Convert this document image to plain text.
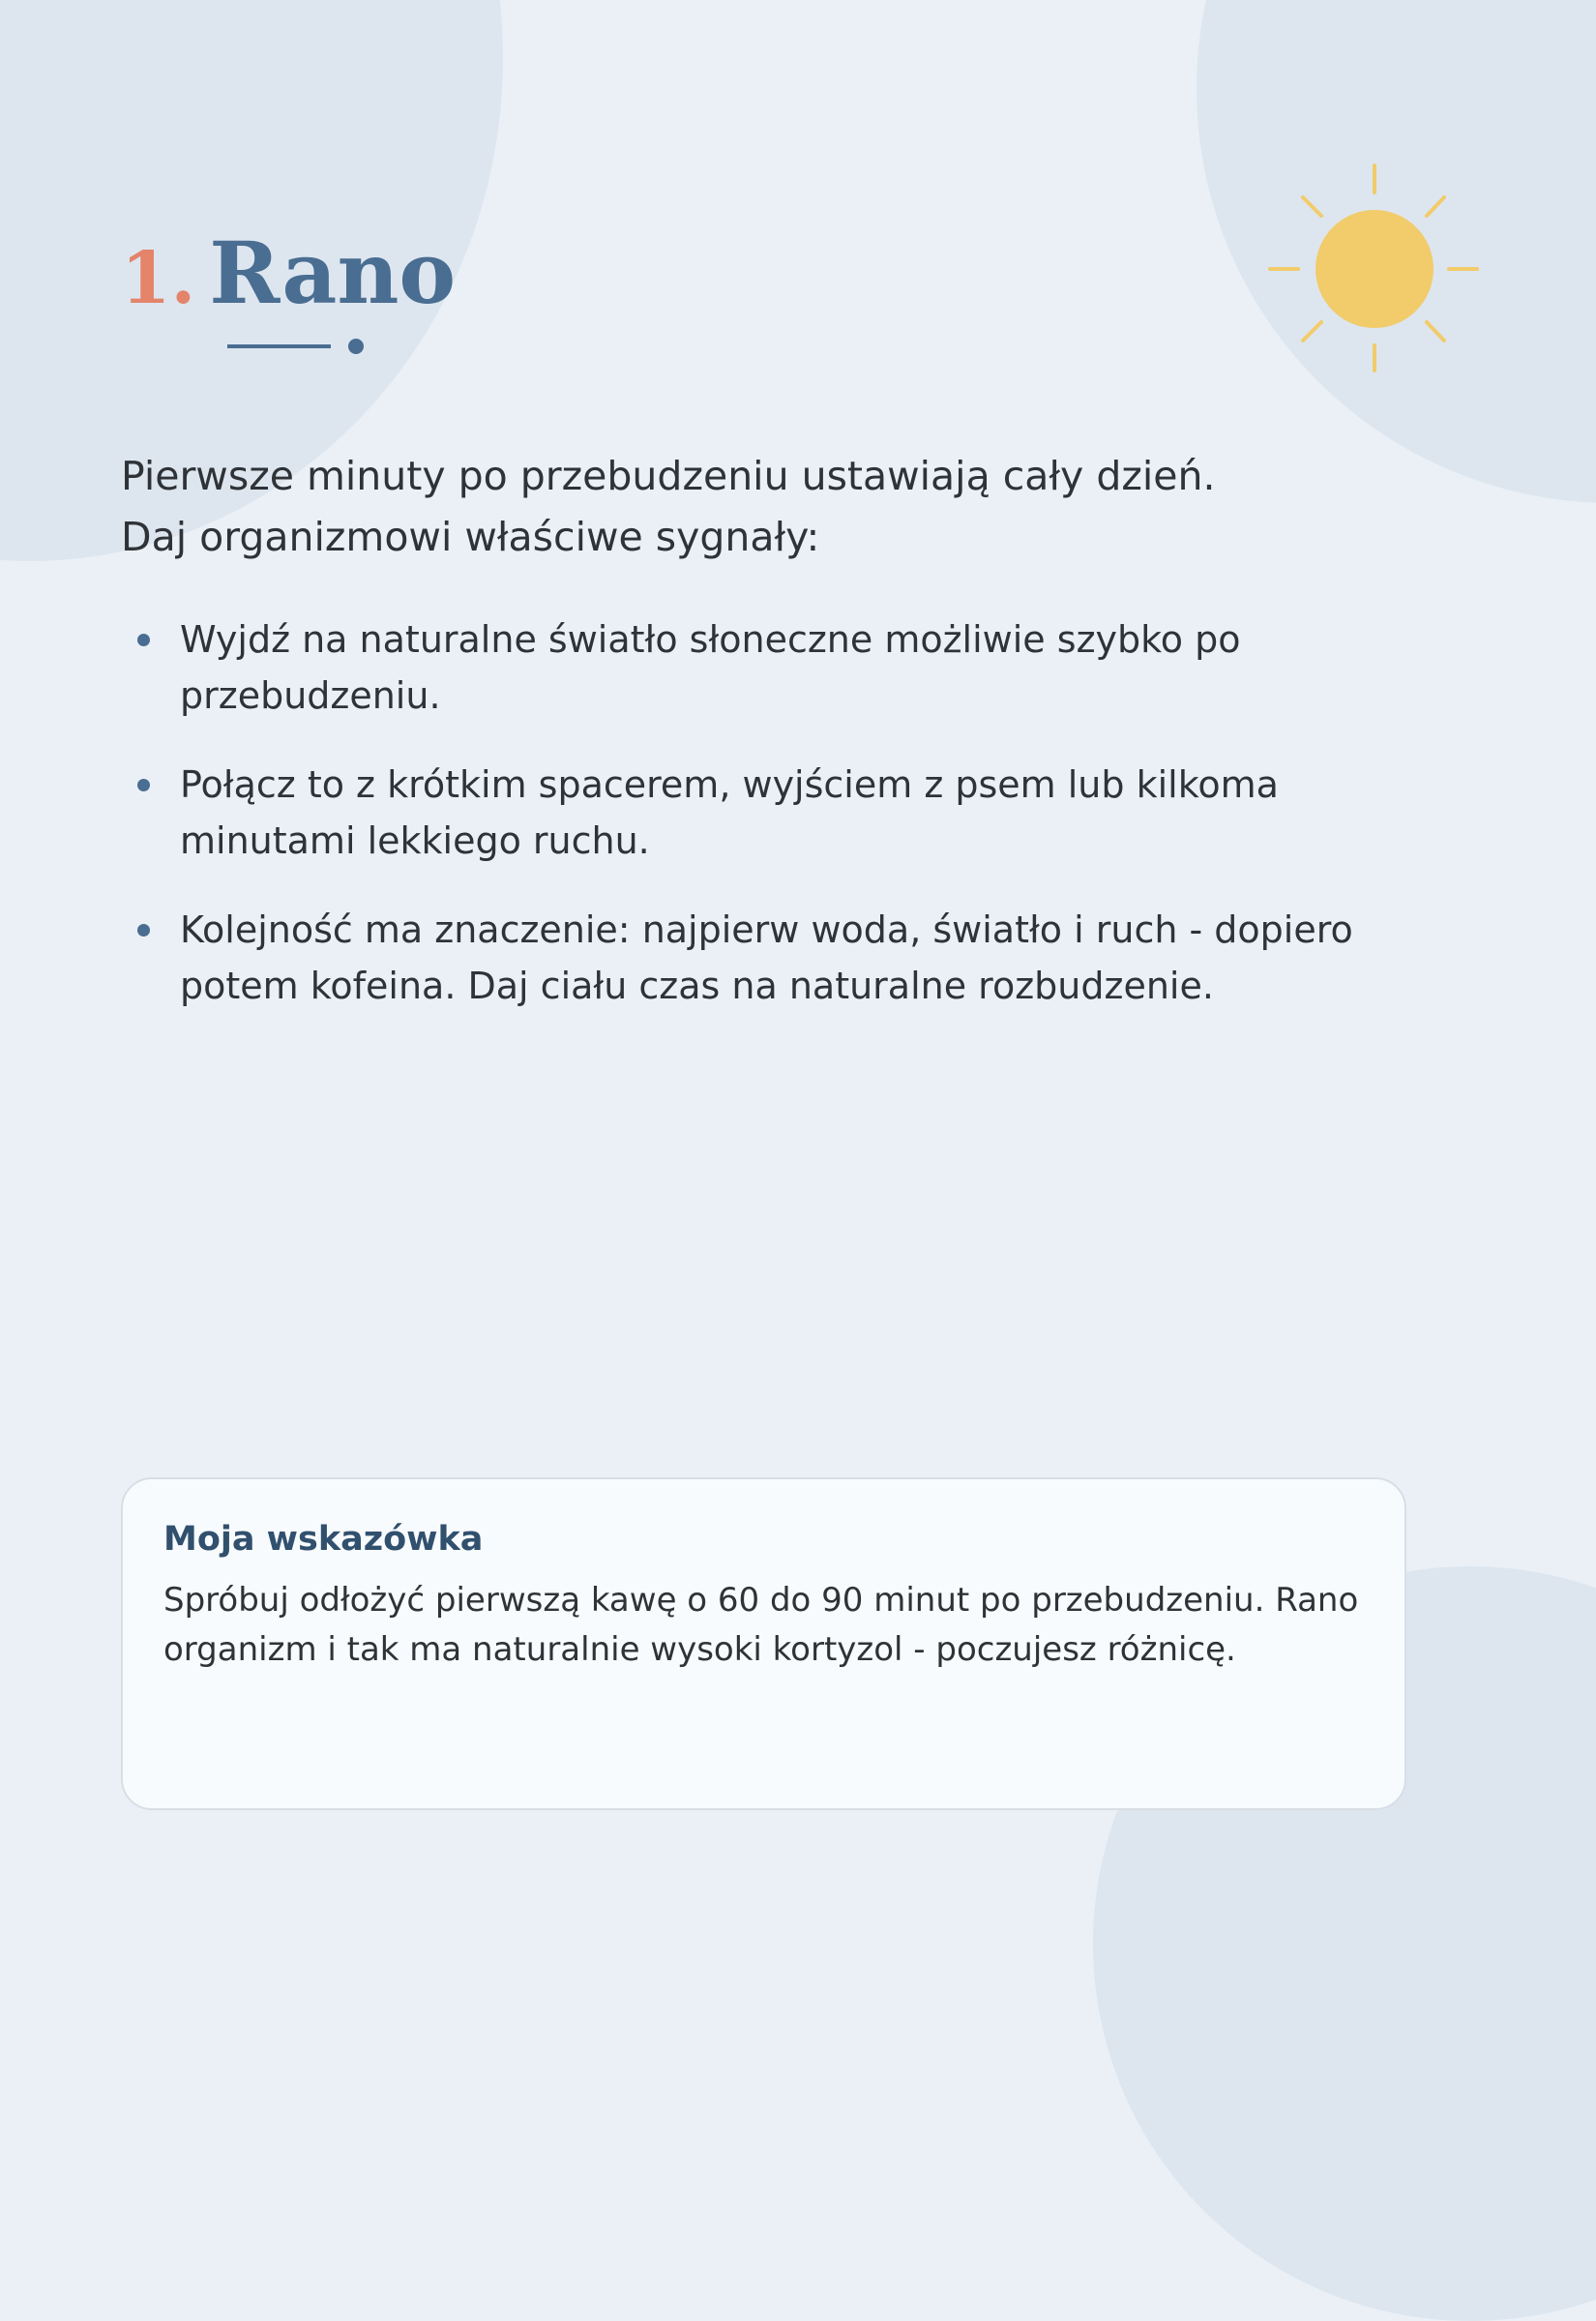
1. Rano

Pierwsze minuty po przebudzeniu ustawiają cały dzień.
Daj organizmowi właściwe sygnały:

Wyjdź na naturalne światło słoneczne możliwie szybko po przebudzeniu.
Połącz to z krótkim spacerem, wyjściem z psem lub kilkoma minutami lekkiego ruchu.
Kolejność ma znaczenie: najpierw woda, światło i ruch - dopiero potem kofeina. Daj ciału czas na naturalne rozbudzenie.
Moja wskazówka

Spróbuj odłożyć pierwszą kawę o 60 do 90 minut po przebudzeniu. Rano organizm i tak ma naturalnie wysoki kortyzol - poczujesz różnicę.
